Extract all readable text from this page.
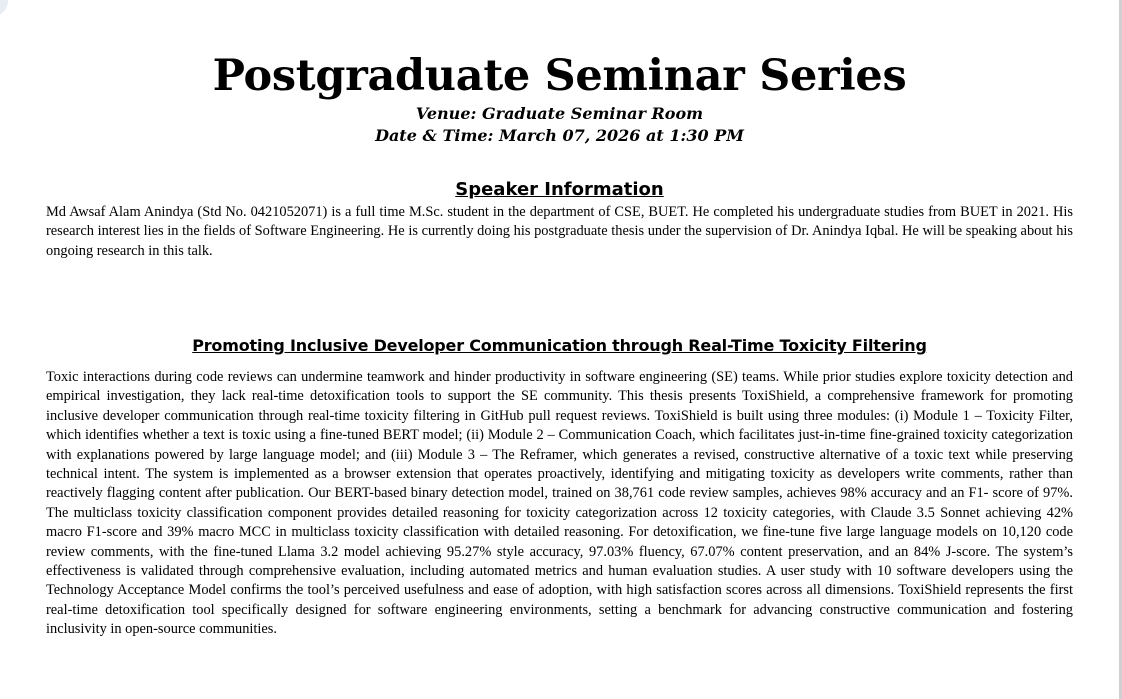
Postgraduate Seminar Series
Venue: Graduate Seminar Room
Date & Time: March 07, 2026 at 1:30 PM
Speaker Information

Md Awsaf Alam Anindya (Std No. 0421052071) is a full time M.Sc. student in the department of CSE, BUET. He completed his undergraduate studies from BUET in 2021. His research interest lies in the fields of Software Engineering. He is currently doing his postgraduate thesis under the supervision of Dr. Anindya Iqbal. He will be speaking about his ongoing research in this talk.

Promoting Inclusive Developer Communication through Real-Time Toxicity Filtering

Toxic interactions during code reviews can undermine teamwork and hinder productivity in software engineering (SE) teams. While prior studies explore toxicity detection and empirical investigation, they lack real-time detoxification tools to support the SE community. This thesis presents ToxiShield, a comprehensive framework for promoting inclusive developer communication through real-time toxicity filtering in GitHub pull request reviews. ToxiShield is built using three modules: (i) Module 1 – Toxicity Filter, which identifies whether a text is toxic using a fine-tuned BERT model; (ii) Module 2 – Communication Coach, which facilitates just-in-time fine-grained toxicity categorization with explanations powered by large language model; and (iii) Module 3 – The Reframer, which generates a revised, constructive alternative of a toxic text while preserving technical intent. The system is implemented as a browser extension that operates proactively, identifying and mitigating toxicity as developers write comments, rather than reactively flagging content after publication. Our BERT-based binary detection model, trained on 38,761 code review samples, achieves 98% accuracy and an F1- score of 97%. The multiclass toxicity classification component provides detailed reasoning for toxicity categorization across 12 toxicity categories, with Claude 3.5 Sonnet achieving 42% macro F1-score and 39% macro MCC in multiclass toxicity classification with detailed reasoning. For detoxification, we fine-tune five large language models on 10,120 code review comments, with the fine-tuned Llama 3.2 model achieving 95.27% style accuracy, 97.03% fluency, 67.07% content preservation, and an 84% J-score. The system’s effectiveness is validated through comprehensive evaluation, including automated metrics and human evaluation studies. A user study with 10 software developers using the Technology Acceptance Model confirms the tool’s perceived usefulness and ease of adoption, with high satisfaction scores across all dimensions. ToxiShield represents the first real-time detoxification tool specifically designed for software engineering environments, setting a benchmark for advancing constructive communication and fostering inclusivity in open-source communities.
